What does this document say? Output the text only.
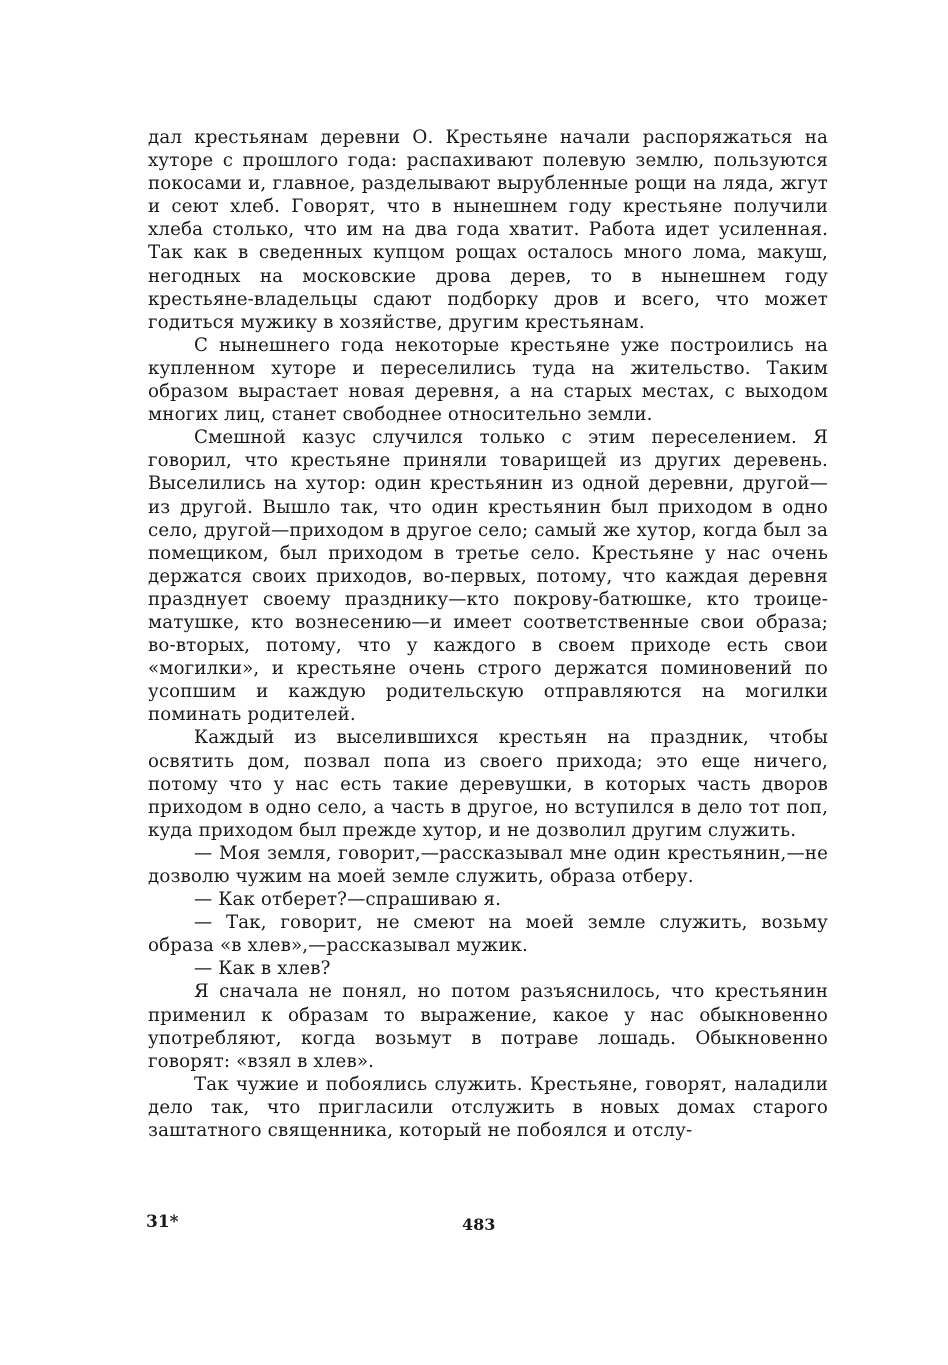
дал крестьянам деревни О. Крестьяне начали распоряжаться на хуторе с прошлого года: распахивают полевую землю, пользуются покосами и, главное, разделывают вырубленные рощи на ляда, жгут и сеют хлеб. Говорят, что в нынешнем году крестьяне получили хлеба столько, что им на два года хватит. Работа идет усиленная. Так как в сведенных купцом рощах осталось много лома, макуш, негодных на московские дрова дерев, то в нынешнем году крестьяне-владельцы сдают подборку дров и всего, что может годиться мужику в хозяйстве, другим крестьянам.

С нынешнего года некоторые крестьяне уже построились на купленном хуторе и переселились туда на жительство. Таким образом вырастает новая деревня, а на старых местах, с выходом многих лиц, станет свободнее относительно земли.

Смешной казус случился только с этим переселением. Я говорил, что крестьяне приняли товарищей из других деревень. Выселились на хутор: один крестьянин из одной деревни, другой—из другой. Вышло так, что один крестьянин был приходом в одно село, другой—приходом в другое село; самый же хутор, когда был за помещиком, был приходом в третье село. Крестьяне у нас очень держатся своих приходов, во-первых, потому, что каждая деревня празднует своему празднику—кто покрову-батюшке, кто троице-матушке, кто вознесению—и имеет соответственные свои образа; во-вторых, потому, что у каждого в своем приходе есть свои «могилки», и крестьяне очень строго держатся поминовений по усопшим и каждую родительскую отправляются на могилки поминать родителей.

Каждый из выселившихся крестьян на праздник, чтобы освятить дом, позвал попа из своего прихода; это еще ничего, потому что у нас есть такие деревушки, в которых часть дворов приходом в одно село, а часть в другое, но вступился в дело тот поп, куда приходом был прежде хутор, и не дозволил другим служить.

— Моя земля, говорит,—рассказывал мне один крестьянин,—не дозволю чужим на моей земле служить, образа отберу.

— Как отберет?—спрашиваю я.

— Так, говорит, не смеют на моей земле служить, возьму образа «в хлев»,—рассказывал мужик.

— Как в хлев?

Я сначала не понял, но потом разъяснилось, что крестьянин применил к образам то выражение, какое у нас обыкновенно употребляют, когда возьмут в потраве лошадь. Обыкновенно говорят: «взял в хлев».

Так чужие и побоялись служить. Крестьяне, говорят, наладили дело так, что пригласили отслужить в новых домах старого заштатного священника, который не побоялся и отслу-

31*	483
